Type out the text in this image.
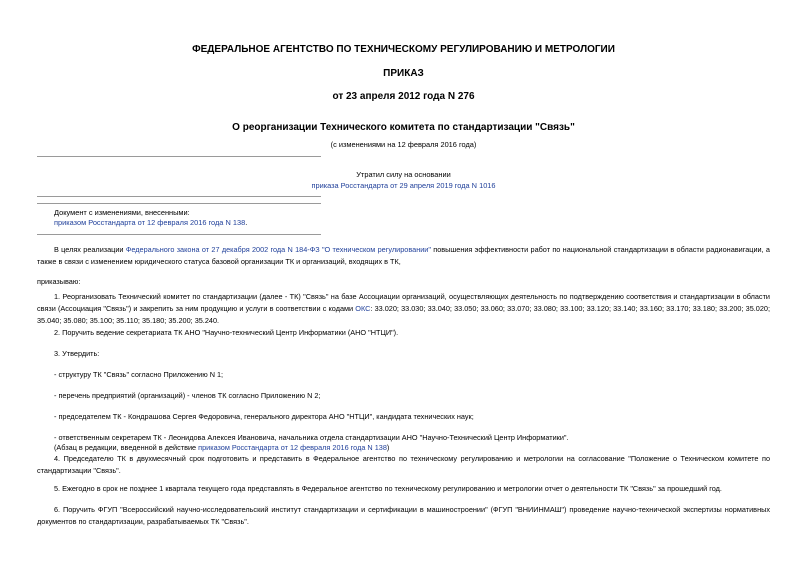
ФЕДЕРАЛЬНОЕ АГЕНТСТВО ПО ТЕХНИЧЕСКОМУ РЕГУЛИРОВАНИЮ И МЕТРОЛОГИИ
ПРИКАЗ
от 23 апреля 2012 года N 276
О реорганизации Технического комитета по стандартизации "Связь"
(с изменениями на 12 февраля 2016 года)
Утратил силу на основании
приказа Росстандарта от 29 апреля 2019 года N 1016
Документ с изменениями, внесенными:
приказом Росстандарта от 12 февраля 2016 года N 138.
В целях реализации Федерального закона от 27 декабря 2002 года N 184-ФЗ "О техническом регулировании" повышения эффективности работ по национальной стандартизации в области радионавигации, а также в связи с изменением юридического статуса базовой организации ТК и организаций, входящих в ТК,
приказываю:
1. Реорганизовать Технический комитет по стандартизации (далее - ТК) "Связь" на базе Ассоциации организаций, осуществляющих деятельность по подтверждению соответствия и стандартизации в области связи (Ассоциация "Связь") и закрепить за ним продукцию и услуги в соответствии с кодами ОКС: 33.020; 33.030; 33.040; 33.050; 33.060; 33.070; 33.080; 33.100; 33.120; 33.140; 33.160; 33.170; 33.180; 33.200; 35.020; 35.040; 35.080; 35.100; 35.110; 35.180; 35.200; 35.240.
2. Поручить ведение секретариата ТК АНО "Научно-технический Центр Информатики (АНО "НТЦИ").
3. Утвердить:
- структуру ТК "Связь" согласно Приложению N 1;
- перечень предприятий (организаций) - членов ТК согласно Приложению N 2;
- председателем ТК - Кондрашова Сергея Федоровича, генерального директора АНО "НТЦИ", кандидата технических наук;
- ответственным секретарем ТК - Леонидова Алексея Ивановича, начальника отдела стандартизации АНО "Научно-Технический Центр Информатики".
(Абзац в редакции, введенной в действие приказом Росстандарта от 12 февраля 2016 года N 138)
4. Председателю ТК в двухмесячный срок подготовить и представить в Федеральное агентство по техническому регулированию и метрологии на согласование "Положение о Техническом комитете по стандартизации "Связь".
5. Ежегодно в срок не позднее 1 квартала текущего года представлять в Федеральное агентство по техническому регулированию и метрологии отчет о деятельности ТК "Связь" за прошедший год.
6. Поручить ФГУП "Всероссийский научно-исследовательский институт стандартизации и сертификации в машиностроении" (ФГУП "ВНИИНМАШ") проведение научно-технической экспертизы нормативных документов по стандартизации, разрабатываемых ТК "Связь".
